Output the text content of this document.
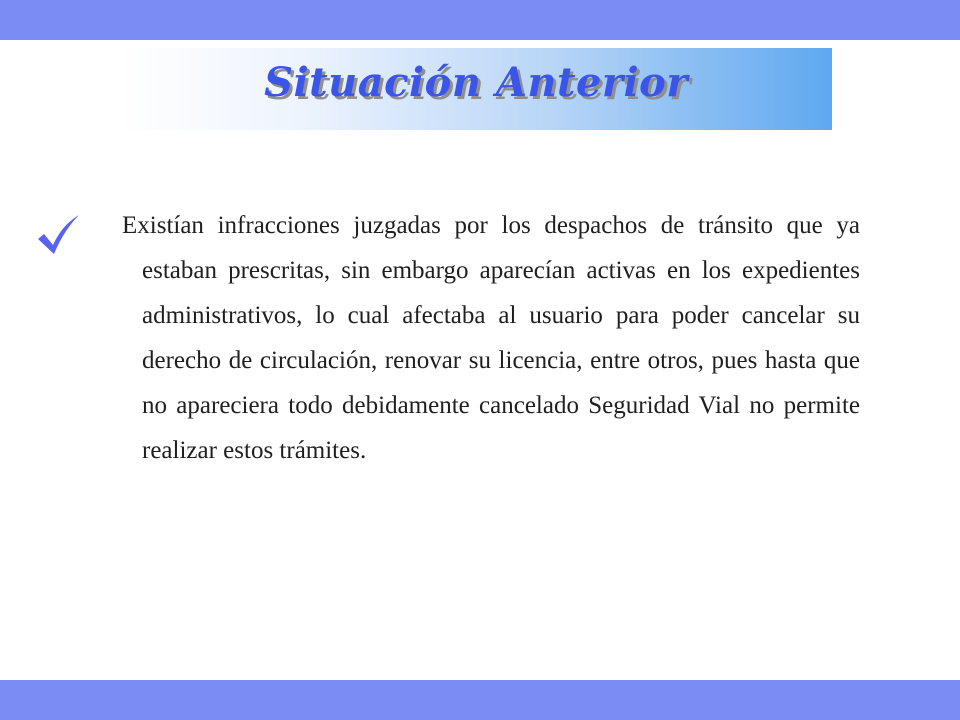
Situación Anterior

Existían infracciones juzgadas por los despachos de tránsito que ya estaban prescritas, sin embargo aparecían activas en los expedientes administrativos, lo cual afectaba al usuario para poder cancelar su derecho de circulación, renovar su licencia, entre otros, pues hasta que no apareciera todo debidamente cancelado Seguridad Vial no permite realizar estos trámites.
